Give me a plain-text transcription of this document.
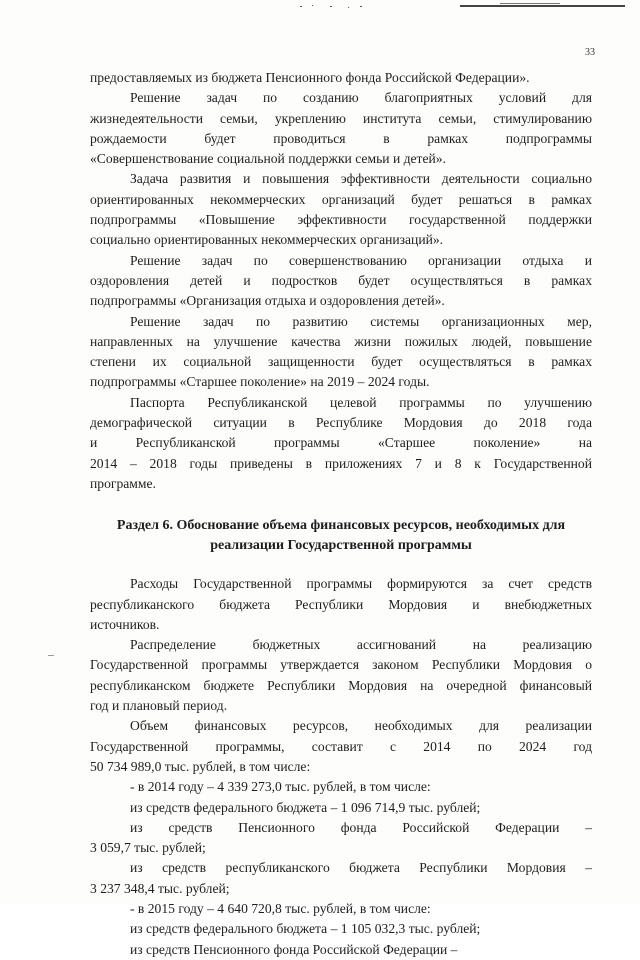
33
предоставляемых из бюджета Пенсионного фонда Российской Федерации».
Решение задач по созданию благоприятных условий для
жизнедеятельности семьи, укреплению института семьи, стимулированию
рождаемости будет проводиться в рамках подпрограммы
«Совершенствование социальной поддержки семьи и детей».
Задача развития и повышения эффективности деятельности социально
ориентированных некоммерческих организаций будет решаться в рамках
подпрограммы «Повышение эффективности государственной поддержки
социально ориентированных некоммерческих организаций».
Решение задач по совершенствованию организации отдыха и
оздоровления детей и подростков будет осуществляться в рамках
подпрограммы «Организация отдыха и оздоровления детей».
Решение задач по развитию системы организационных мер,
направленных на улучшение качества жизни пожилых людей, повышение
степени их социальной защищенности будет осуществляться в рамках
подпрограммы «Старшее поколение» на 2019 – 2024 годы.
Паспорта Республиканской целевой программы по улучшению
демографической ситуации в Республике Мордовия до 2018 года
и Республиканской программы «Старшее поколение» на
2014 – 2018 годы приведены в приложениях 7 и 8 к Государственной
программе.
Раздел 6. Обоснование объема финансовых ресурсов, необходимых для
реализации Государственной программы
Расходы Государственной программы формируются за счет средств
республиканского бюджета Республики Мордовия и внебюджетных
источников.
Распределение бюджетных ассигнований на реализацию
Государственной программы утверждается законом Республики Мордовия о
республиканском бюджете Республики Мордовия на очередной финансовый
год и плановый период.
Объем финансовых ресурсов, необходимых для реализации
Государственной программы, составит с 2014 по 2024 год
50 734 989,0 тыс. рублей, в том числе:
- в 2014 году – 4 339 273,0 тыс. рублей, в том числе:
из средств федерального бюджета – 1 096 714,9 тыс. рублей;
из средств Пенсионного фонда Российской Федерации –
3 059,7 тыс. рублей;
из средств республиканского бюджета Республики Мордовия –
3 237 348,4 тыс. рублей;
- в 2015 году – 4 640 720,8 тыс. рублей, в том числе:
из средств федерального бюджета – 1 105 032,3 тыс. рублей;
из средств Пенсионного фонда Российской Федерации –
